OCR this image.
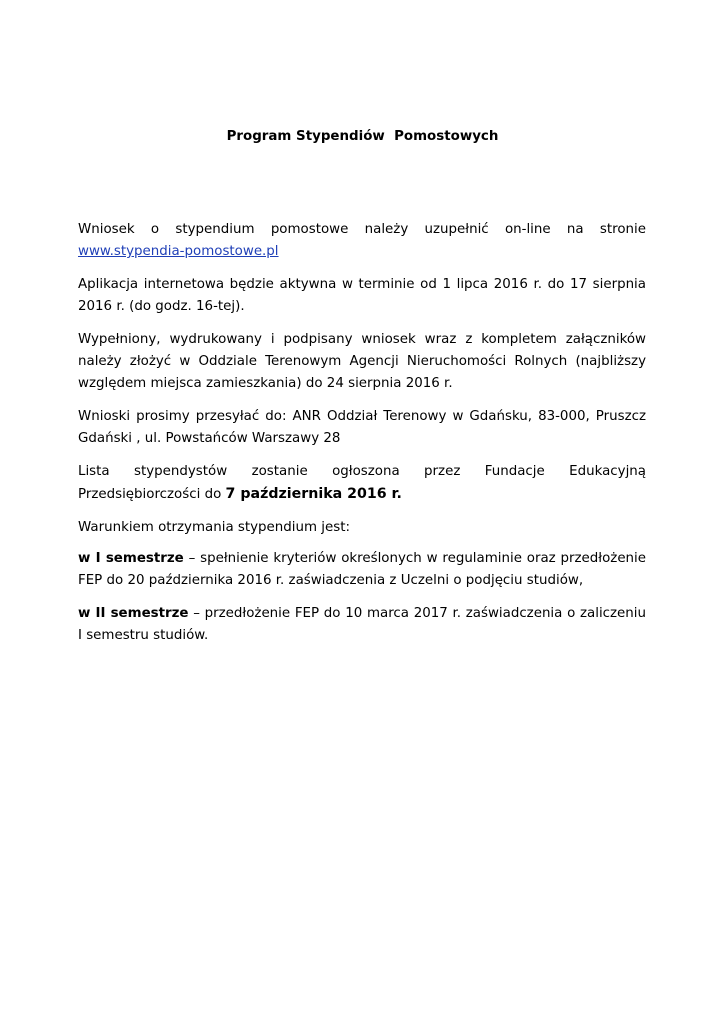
Program Stypendiów  Pomostowych

Wniosek o stypendium pomostowe należy uzupełnić on-line na stronie
www.stypendia-pomostowe.pl

Aplikacja internetowa będzie aktywna w terminie od 1 lipca 2016 r. do 17 sierpnia 2016 r. (do godz. 16-tej).

Wypełniony, wydrukowany i podpisany wniosek wraz z kompletem załączników należy złożyć w Oddziale Terenowym Agencji Nieruchomości Rolnych (najbliższy względem miejsca zamieszkania) do 24 sierpnia 2016 r.

Wnioski prosimy przesyłać do: ANR Oddział Terenowy w Gdańsku, 83-000, Pruszcz Gdański , ul. Powstańców Warszawy 28

Lista stypendystów zostanie ogłoszona przez Fundacje Edukacyjną Przedsiębiorczości do 7 października 2016 r.

Warunkiem otrzymania stypendium jest:

w I semestrze – spełnienie kryteriów określonych w regulaminie oraz przedłożenie FEP do 20 października 2016 r. zaświadczenia z Uczelni o podjęciu studiów,

w II semestrze – przedłożenie FEP do 10 marca 2017 r. zaświadczenia o zaliczeniu I semestru studiów.
